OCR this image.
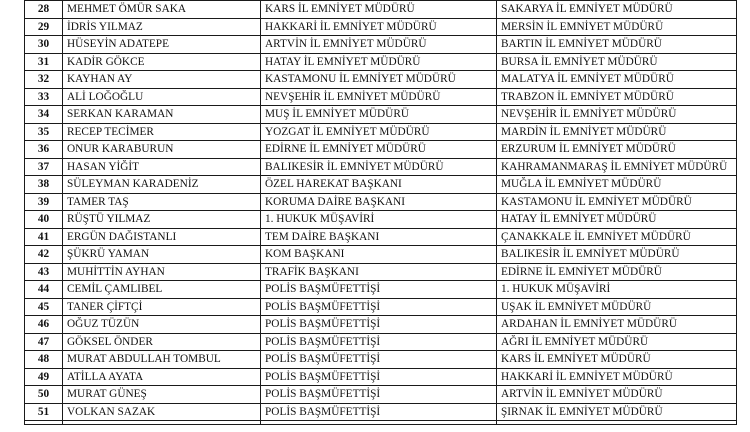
28	MEHMET ÖMÜR SAKA	KARS İL EMNİYET MÜDÜRÜ	SAKARYA İL EMNİYET MÜDÜRÜ
29	İDRİS YILMAZ	HAKKARİ İL EMNİYET MÜDÜRÜ	MERSİN İL EMNİYET MÜDÜRÜ
30	HÜSEYİN ADATEPE	ARTVİN İL EMNİYET MÜDÜRÜ	BARTIN İL EMNİYET MÜDÜRÜ
31	KADİR GÖKCE	HATAY İL EMNİYET MÜDÜRÜ	BURSA İL EMNİYET MÜDÜRÜ
32	KAYHAN AY	KASTAMONU İL EMNİYET MÜDÜRÜ	MALATYA İL EMNİYET MÜDÜRÜ
33	ALİ LOĞOĞLU	NEVŞEHİR İL EMNİYET MÜDÜRÜ	TRABZON İL EMNİYET MÜDÜRÜ
34	SERKAN KARAMAN	MUŞ İL EMNİYET MÜDÜRÜ	NEVŞEHİR İL EMNİYET MÜDÜRÜ
35	RECEP TECİMER	YOZGAT İL EMNİYET MÜDÜRÜ	MARDİN İL EMNİYET MÜDÜRÜ
36	ONUR KARABURUN	EDİRNE İL EMNİYET MÜDÜRÜ	ERZURUM İL EMNİYET MÜDÜRÜ
37	HASAN YİĞİT	BALIKESİR İL EMNİYET MÜDÜRÜ	KAHRAMANMARAŞ İL EMNİYET MÜDÜRÜ
38	SÜLEYMAN KARADENİZ	ÖZEL HAREKAT BAŞKANI	MUĞLA İL EMNİYET MÜDÜRÜ
39	TAMER TAŞ	KORUMA DAİRE BAŞKANI	KASTAMONU İL EMNİYET MÜDÜRÜ
40	RÜŞTÜ YILMAZ	1. HUKUK MÜŞAVİRİ	HATAY İL EMNİYET MÜDÜRÜ
41	ERGÜN DAĞISTANLI	TEM DAİRE BAŞKANI	ÇANAKKALE İL EMNİYET MÜDÜRÜ
42	ŞÜKRÜ YAMAN	KOM BAŞKANI	BALIKESİR İL EMNİYET MÜDÜRÜ
43	MUHİTTİN AYHAN	TRAFİK BAŞKANI	EDİRNE İL EMNİYET MÜDÜRÜ
44	CEMİL ÇAMLIBEL	POLİS BAŞMÜFETTİŞİ	1. HUKUK MÜŞAVİRİ
45	TANER ÇİFTÇİ	POLİS BAŞMÜFETTİŞİ	UŞAK İL EMNİYET MÜDÜRÜ
46	OĞUZ TÜZÜN	POLİS BAŞMÜFETTİŞİ	ARDAHAN İL EMNİYET MÜDÜRÜ
47	GÖKSEL ÖNDER	POLİS BAŞMÜFETTİŞİ	AĞRI İL EMNİYET MÜDÜRÜ
48	MURAT ABDULLAH TOMBUL	POLİS BAŞMÜFETTİŞİ	KARS İL EMNİYET MÜDÜRÜ
49	ATİLLA AYATA	POLİS BAŞMÜFETTİŞİ	HAKKARİ İL EMNİYET MÜDÜRÜ
50	MURAT GÜNEŞ	POLİS BAŞMÜFETTİŞİ	ARTVİN İL EMNİYET MÜDÜRÜ
51	VOLKAN SAZAK	POLİS BAŞMÜFETTİŞİ	ŞIRNAK İL EMNİYET MÜDÜRÜ
